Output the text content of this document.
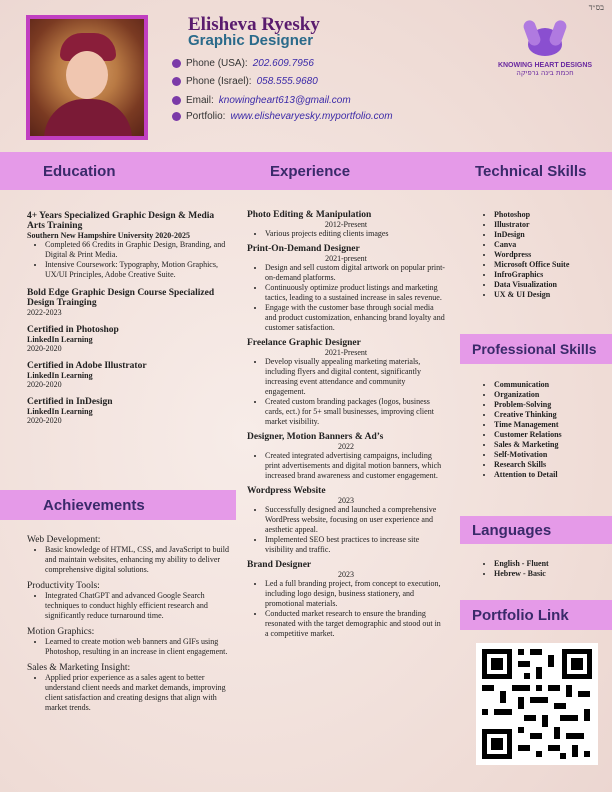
בס״ד
Elisheva Ryesky
Graphic Designer
Phone (USA): 202.609.7956
Phone (Israel): 058.555.9680
Email: knowingheart613@gmail.com
Portfolio: www.elishevaryesky.myportfolio.com
KNOWING HEART DESIGNS
חכמת בינה גרפיקה
Education	Experience	Technical Skills
4+ Years Specialized Graphic Design & Media Arts Training
Southern New Hampshire University 2020-2025
• Completed 66 Credits in Graphic Design, Branding, and Digital & Print Media.
• Intensive Coursework: Typography, Motion Graphics, UX/UI Principles, Adobe Creative Suite.
Bold Edge Graphic Design Course Specialized Design Trainging
2022-2023
Certified in Photoshop
LinkedIn Learning
2020-2020
Certified in Adobe Illustrator
LinkedIn Learning
2020-2020
Certified in InDesign
LinkedIn Learning
2020-2020
Achievements
Web Development:
• Basic knowledge of HTML, CSS, and JavaScript to build and maintain websites, enhancing my ability to deliver comprehensive digital solutions.
Productivity Tools:
• Integrated ChatGPT and advanced Google Search techniques to conduct highly efficient research and significantly reduce turnaround time.
Motion Graphics:
• Learned to create motion web banners and GIFs using Photoshop, resulting in an increase in client engagement.
Sales & Marketing Insight:
• Applied prior experience as a sales agent to better understand client needs and market demands, improving client satisfaction and creating designs that align with market trends.
Photo Editing & Manipulation
2012-Present
• Various projects editing clients images
Print-On-Demand Designer
2021-present
• Design and sell custom digital artwork on popular print-on-demand platforms.
• Continuously optimize product listings and marketing tactics, leading to a sustained increase in sales revenue.
• Engage with the customer base through social media and product customization, enhancing brand loyalty and customer satisfaction.
Freelance Graphic Designer
2021-Present
• Develop visually appealing marketing materials, including flyers and digital content, significantly increasing event attendance and community engagement.
• Created custom branding packages (logos, business cards, ect.) for 5+ small businesses, improving client market visibility.
Designer, Motion Banners & Ad’s
2022
• Created integrated advertising campaigns, including print advertisements and digital motion banners, which increased brand awareness and customer engagement.
Wordpress Website
2023
• Successfully designed and launched a comprehensive WordPress website, focusing on user experience and aesthetic appeal.
• Implemented SEO best practices to increase site visibility and traffic.
Brand Designer
2023
• Led a full branding project, from concept to execution, including logo design, business stationery, and promotional materials.
• Conducted market research to ensure the branding resonated with the target demographic and stood out in a competitive market.
• Photoshop
• Illustrator
• InDesign
• Canva
• Wordpress
• Microsoft Office Suite
• InfroGraphics
• Data Visualization
• UX & UI Design
Professional Skills
• Communication
• Organization
• Problem-Solving
• Creative Thinking
• Time Management
• Customer Relations
• Sales & Marketing
• Self-Motivation
• Research Skills
• Attention to Detail
Languages
• English - Fluent
• Hebrew - Basic
Portfolio Link
